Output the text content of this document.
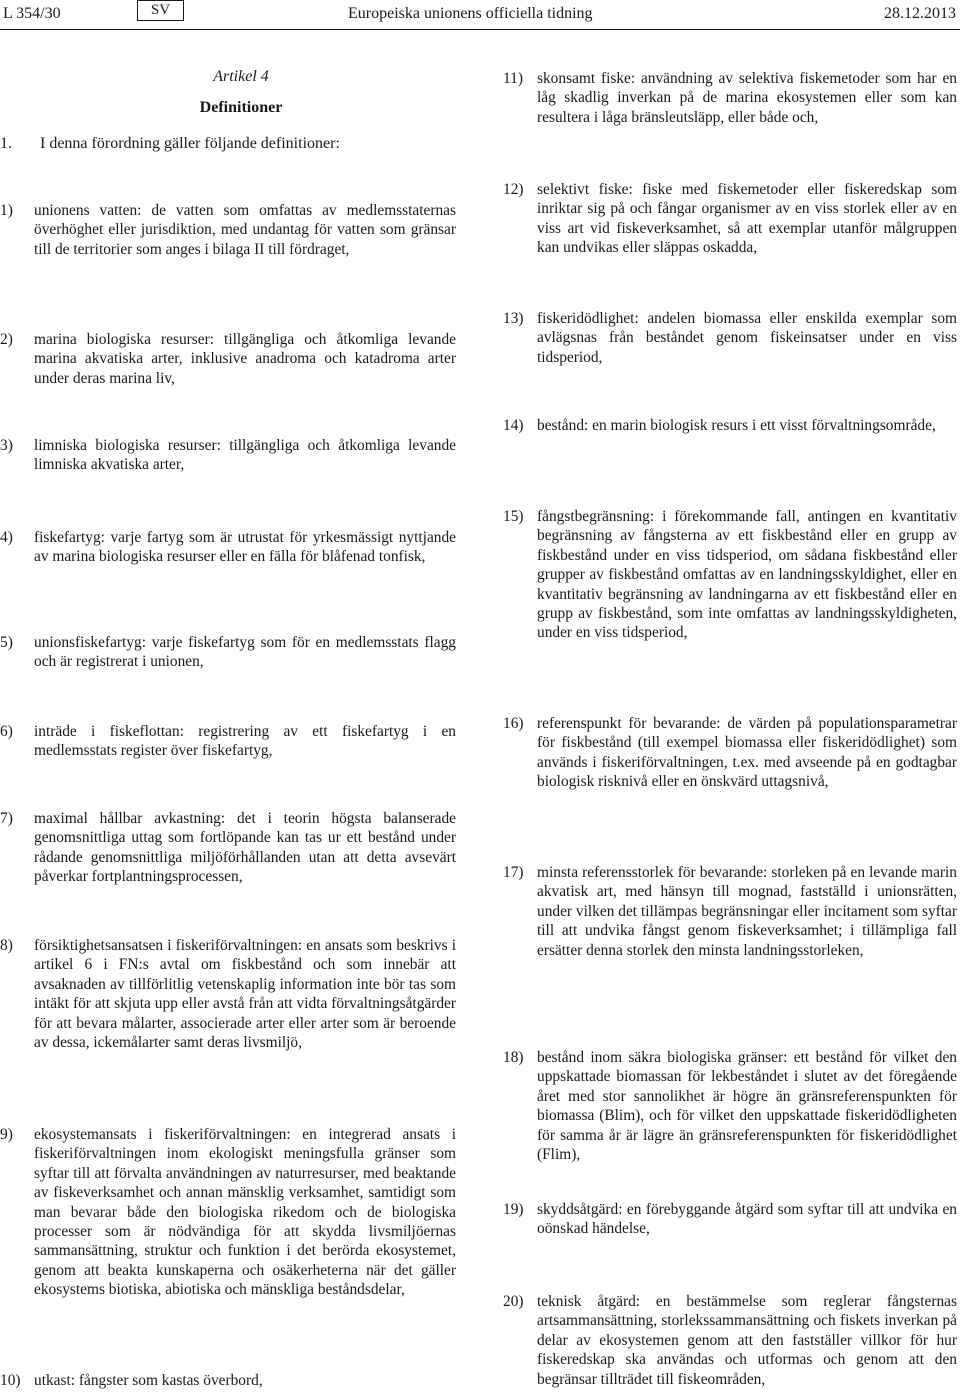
L 354/30	SV	Europeiska unionens officiella tidning	28.12.2013
Artikel 4
Definitioner
1. I denna förordning gäller följande definitioner:
1) unionens vatten: de vatten som omfattas av medlemsstaternas överhöghet eller jurisdiktion, med undantag för vatten som gränsar till de territorier som anges i bilaga II till fördraget,
2) marina biologiska resurser: tillgängliga och åtkomliga levande marina akvatiska arter, inklusive anadroma och katadroma arter under deras marina liv,
3) limniska biologiska resurser: tillgängliga och åtkomliga levande limniska akvatiska arter,
4) fiskefartyg: varje fartyg som är utrustat för yrkesmässigt nyttjande av marina biologiska resurser eller en fälla för blåfenad tonfisk,
5) unionsfiskefartyg: varje fiskefartyg som för en medlemsstats flagg och är registrerat i unionen,
6) inträde i fiskeflottan: registrering av ett fiskefartyg i en medlemsstats register över fiskefartyg,
7) maximal hållbar avkastning: det i teorin högsta balanserade genomsnittliga uttag som fortlöpande kan tas ur ett bestånd under rådande genomsnittliga miljöförhållanden utan att detta avsevärt påverkar fortplantningsprocessen,
8) försiktighetsansatsen i fiskeriförvaltningen: en ansats som beskrivs i artikel 6 i FN:s avtal om fiskbestånd och som innebär att avsaknaden av tillförlitlig vetenskaplig information inte bör tas som intäkt för att skjuta upp eller avstå från att vidta förvaltningsåtgärder för att bevara målarter, associerade arter eller arter som är beroende av dessa, ickemålarter samt deras livsmiljö,
9) ekosystemansats i fiskeriförvaltningen: en integrerad ansats i fiskeriförvaltningen inom ekologiskt meningsfulla gränser som syftar till att förvalta användningen av naturresurser, med beaktande av fiskeverksamhet och annan mänsklig verksamhet, samtidigt som man bevarar både den biologiska rikedom och de biologiska processer som är nödvändiga för att skydda livsmiljöernas sammansättning, struktur och funktion i det berörda ekosystemet, genom att beakta kunskaperna och osäkerheterna när det gäller ekosystems biotiska, abiotiska och mänskliga beståndsdelar,
10) utkast: fångster som kastas överbord,
11) skonsamt fiske: användning av selektiva fiskemetoder som har en låg skadlig inverkan på de marina ekosystemen eller som kan resultera i låga bränsleutsläpp, eller både och,
12) selektivt fiske: fiske med fiskemetoder eller fiskeredskap som inriktar sig på och fångar organismer av en viss storlek eller av en viss art vid fiskeverksamhet, så att exemplar utanför målgruppen kan undvikas eller släppas oskadda,
13) fiskeridödlighet: andelen biomassa eller enskilda exemplar som avlägsnas från beståndet genom fiskeinsatser under en viss tidsperiod,
14) bestånd: en marin biologisk resurs i ett visst förvaltningsområde,
15) fångstbegränsning: i förekommande fall, antingen en kvantitativ begränsning av fångsterna av ett fiskbestånd eller en grupp av fiskbestånd under en viss tidsperiod, om sådana fiskbestånd eller grupper av fiskbestånd omfattas av en landningsskyldighet, eller en kvantitativ begränsning av landningarna av ett fiskbestånd eller en grupp av fiskbestånd, som inte omfattas av landningsskyldigheten, under en viss tidsperiod,
16) referenspunkt för bevarande: de värden på populationsparametrar för fiskbestånd (till exempel biomassa eller fiskeridödlighet) som används i fiskeriförvaltningen, t.ex. med avseende på en godtagbar biologisk risknivå eller en önskvärd uttagsnivå,
17) minsta referensstorlek för bevarande: storleken på en levande marin akvatisk art, med hänsyn till mognad, fastställd i unionsrätten, under vilken det tillämpas begränsningar eller incitament som syftar till att undvika fångst genom fiskeverksamhet; i tillämpliga fall ersätter denna storlek den minsta landningsstorleken,
18) bestånd inom säkra biologiska gränser: ett bestånd för vilket den uppskattade biomassan för lekbeståndet i slutet av det föregående året med stor sannolikhet är högre än gränsreferenspunkten för biomassa (Blim), och för vilket den uppskattade fiskeridödligheten för samma år är lägre än gränsreferenspunkten för fiskeridödlighet (Flim),
19) skyddsåtgärd: en förebyggande åtgärd som syftar till att undvika en oönskad händelse,
20) teknisk åtgärd: en bestämmelse som reglerar fångsternas artsammansättning, storlekssammansättning och fiskets inverkan på delar av ekosystemen genom att den fastställer villkor för hur fiskeredskap ska användas och utformas och genom att den begränsar tillträdet till fiskeområden,
